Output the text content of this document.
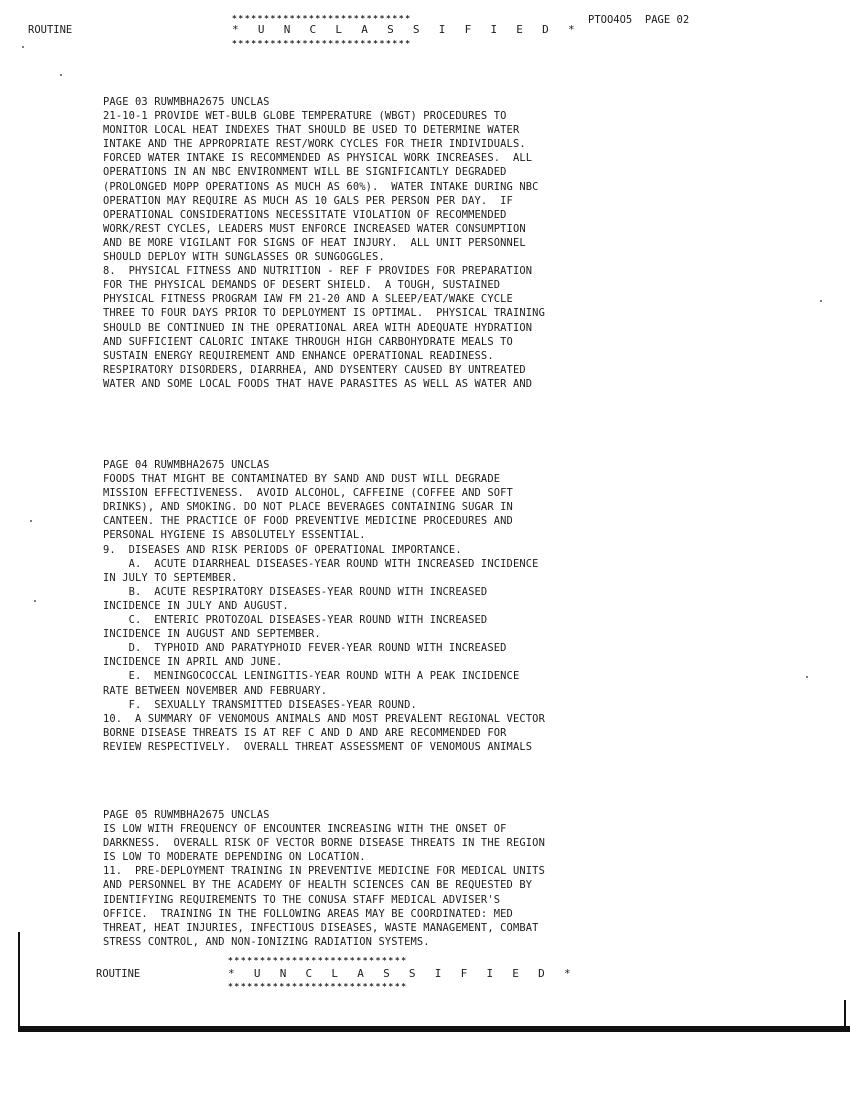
****************************
ROUTINE	* U N C L A S S I F I E D *
PTOO4O5  PAGE 02
****************************
PAGE 03 RUWMBHA2675 UNCLAS
21-10-1 PROVIDE WET-BULB GLOBE TEMPERATURE (WBGT) PROCEDURES TO
MONITOR LOCAL HEAT INDEXES THAT SHOULD BE USED TO DETERMINE WATER
INTAKE AND THE APPROPRIATE REST/WORK CYCLES FOR THEIR INDIVIDUALS.
FORCED WATER INTAKE IS RECOMMENDED AS PHYSICAL WORK INCREASES.  ALL
OPERATIONS IN AN NBC ENVIRONMENT WILL BE SIGNIFICANTLY DEGRADED
(PROLONGED MOPP OPERATIONS AS MUCH AS 60%).  WATER INTAKE DURING NBC
OPERATION MAY REQUIRE AS MUCH AS 10 GALS PER PERSON PER DAY.  IF
OPERATIONAL CONSIDERATIONS NECESSITATE VIOLATION OF RECOMMENDED
WORK/REST CYCLES, LEADERS MUST ENFORCE INCREASED WATER CONSUMPTION
AND BE MORE VIGILANT FOR SIGNS OF HEAT INJURY.  ALL UNIT PERSONNEL
SHOULD DEPLOY WITH SUNGLASSES OR SUNGOGGLES.
8.  PHYSICAL FITNESS AND NUTRITION - REF F PROVIDES FOR PREPARATION
FOR THE PHYSICAL DEMANDS OF DESERT SHIELD.  A TOUGH, SUSTAINED
PHYSICAL FITNESS PROGRAM IAW FM 21-20 AND A SLEEP/EAT/WAKE CYCLE
THREE TO FOUR DAYS PRIOR TO DEPLOYMENT IS OPTIMAL.  PHYSICAL TRAINING
SHOULD BE CONTINUED IN THE OPERATIONAL AREA WITH ADEQUATE HYDRATION
AND SUFFICIENT CALORIC INTAKE THROUGH HIGH CARBOHYDRATE MEALS TO
SUSTAIN ENERGY REQUIREMENT AND ENHANCE OPERATIONAL READINESS.
RESPIRATORY DISORDERS, DIARRHEA, AND DYSENTERY CAUSED BY UNTREATED
WATER AND SOME LOCAL FOODS THAT HAVE PARASITES AS WELL AS WATER AND
PAGE 04 RUWMBHA2675 UNCLAS
FOODS THAT MIGHT BE CONTAMINATED BY SAND AND DUST WILL DEGRADE
MISSION EFFECTIVENESS.  AVOID ALCOHOL, CAFFEINE (COFFEE AND SOFT
DRINKS), AND SMOKING. DO NOT PLACE BEVERAGES CONTAINING SUGAR IN
CANTEEN. THE PRACTICE OF FOOD PREVENTIVE MEDICINE PROCEDURES AND
PERSONAL HYGIENE IS ABSOLUTELY ESSENTIAL.
9.  DISEASES AND RISK PERIODS OF OPERATIONAL IMPORTANCE.
A.  ACUTE DIARRHEAL DISEASES-YEAR ROUND WITH INCREASED INCIDENCE
IN JULY TO SEPTEMBER.
B.  ACUTE RESPIRATORY DISEASES-YEAR ROUND WITH INCREASED
INCIDENCE IN JULY AND AUGUST.
C.  ENTERIC PROTOZOAL DISEASES-YEAR ROUND WITH INCREASED
INCIDENCE IN AUGUST AND SEPTEMBER.
D.  TYPHOID AND PARATYPHOID FEVER-YEAR ROUND WITH INCREASED
INCIDENCE IN APRIL AND JUNE.
E.  MENINGOCOCCAL LENINGITIS-YEAR ROUND WITH A PEAK INCIDENCE
RATE BETWEEN NOVEMBER AND FEBRUARY.
F.  SEXUALLY TRANSMITTED DISEASES-YEAR ROUND.
10.  A SUMMARY OF VENOMOUS ANIMALS AND MOST PREVALENT REGIONAL VECTOR
BORNE DISEASE THREATS IS AT REF C AND D AND ARE RECOMMENDED FOR
REVIEW RESPECTIVELY.  OVERALL THREAT ASSESSMENT OF VENOMOUS ANIMALS
PAGE 05 RUWMBHA2675 UNCLAS
IS LOW WITH FREQUENCY OF ENCOUNTER INCREASING WITH THE ONSET OF
DARKNESS.  OVERALL RISK OF VECTOR BORNE DISEASE THREATS IN THE REGION
IS LOW TO MODERATE DEPENDING ON LOCATION.
11.  PRE-DEPLOYMENT TRAINING IN PREVENTIVE MEDICINE FOR MEDICAL UNITS
AND PERSONNEL BY THE ACADEMY OF HEALTH SCIENCES CAN BE REQUESTED BY
IDENTIFYING REQUIREMENTS TO THE CONUSA STAFF MEDICAL ADVISER'S
OFFICE.  TRAINING IN THE FOLLOWING AREAS MAY BE COORDINATED: MED
THREAT, HEAT INJURIES, INFECTIOUS DISEASES, WASTE MANAGEMENT, COMBAT
STRESS CONTROL, AND NON-IONIZING RADIATION SYSTEMS.
****************************
ROUTINE	* U N C L A S S I F I E D *
****************************
